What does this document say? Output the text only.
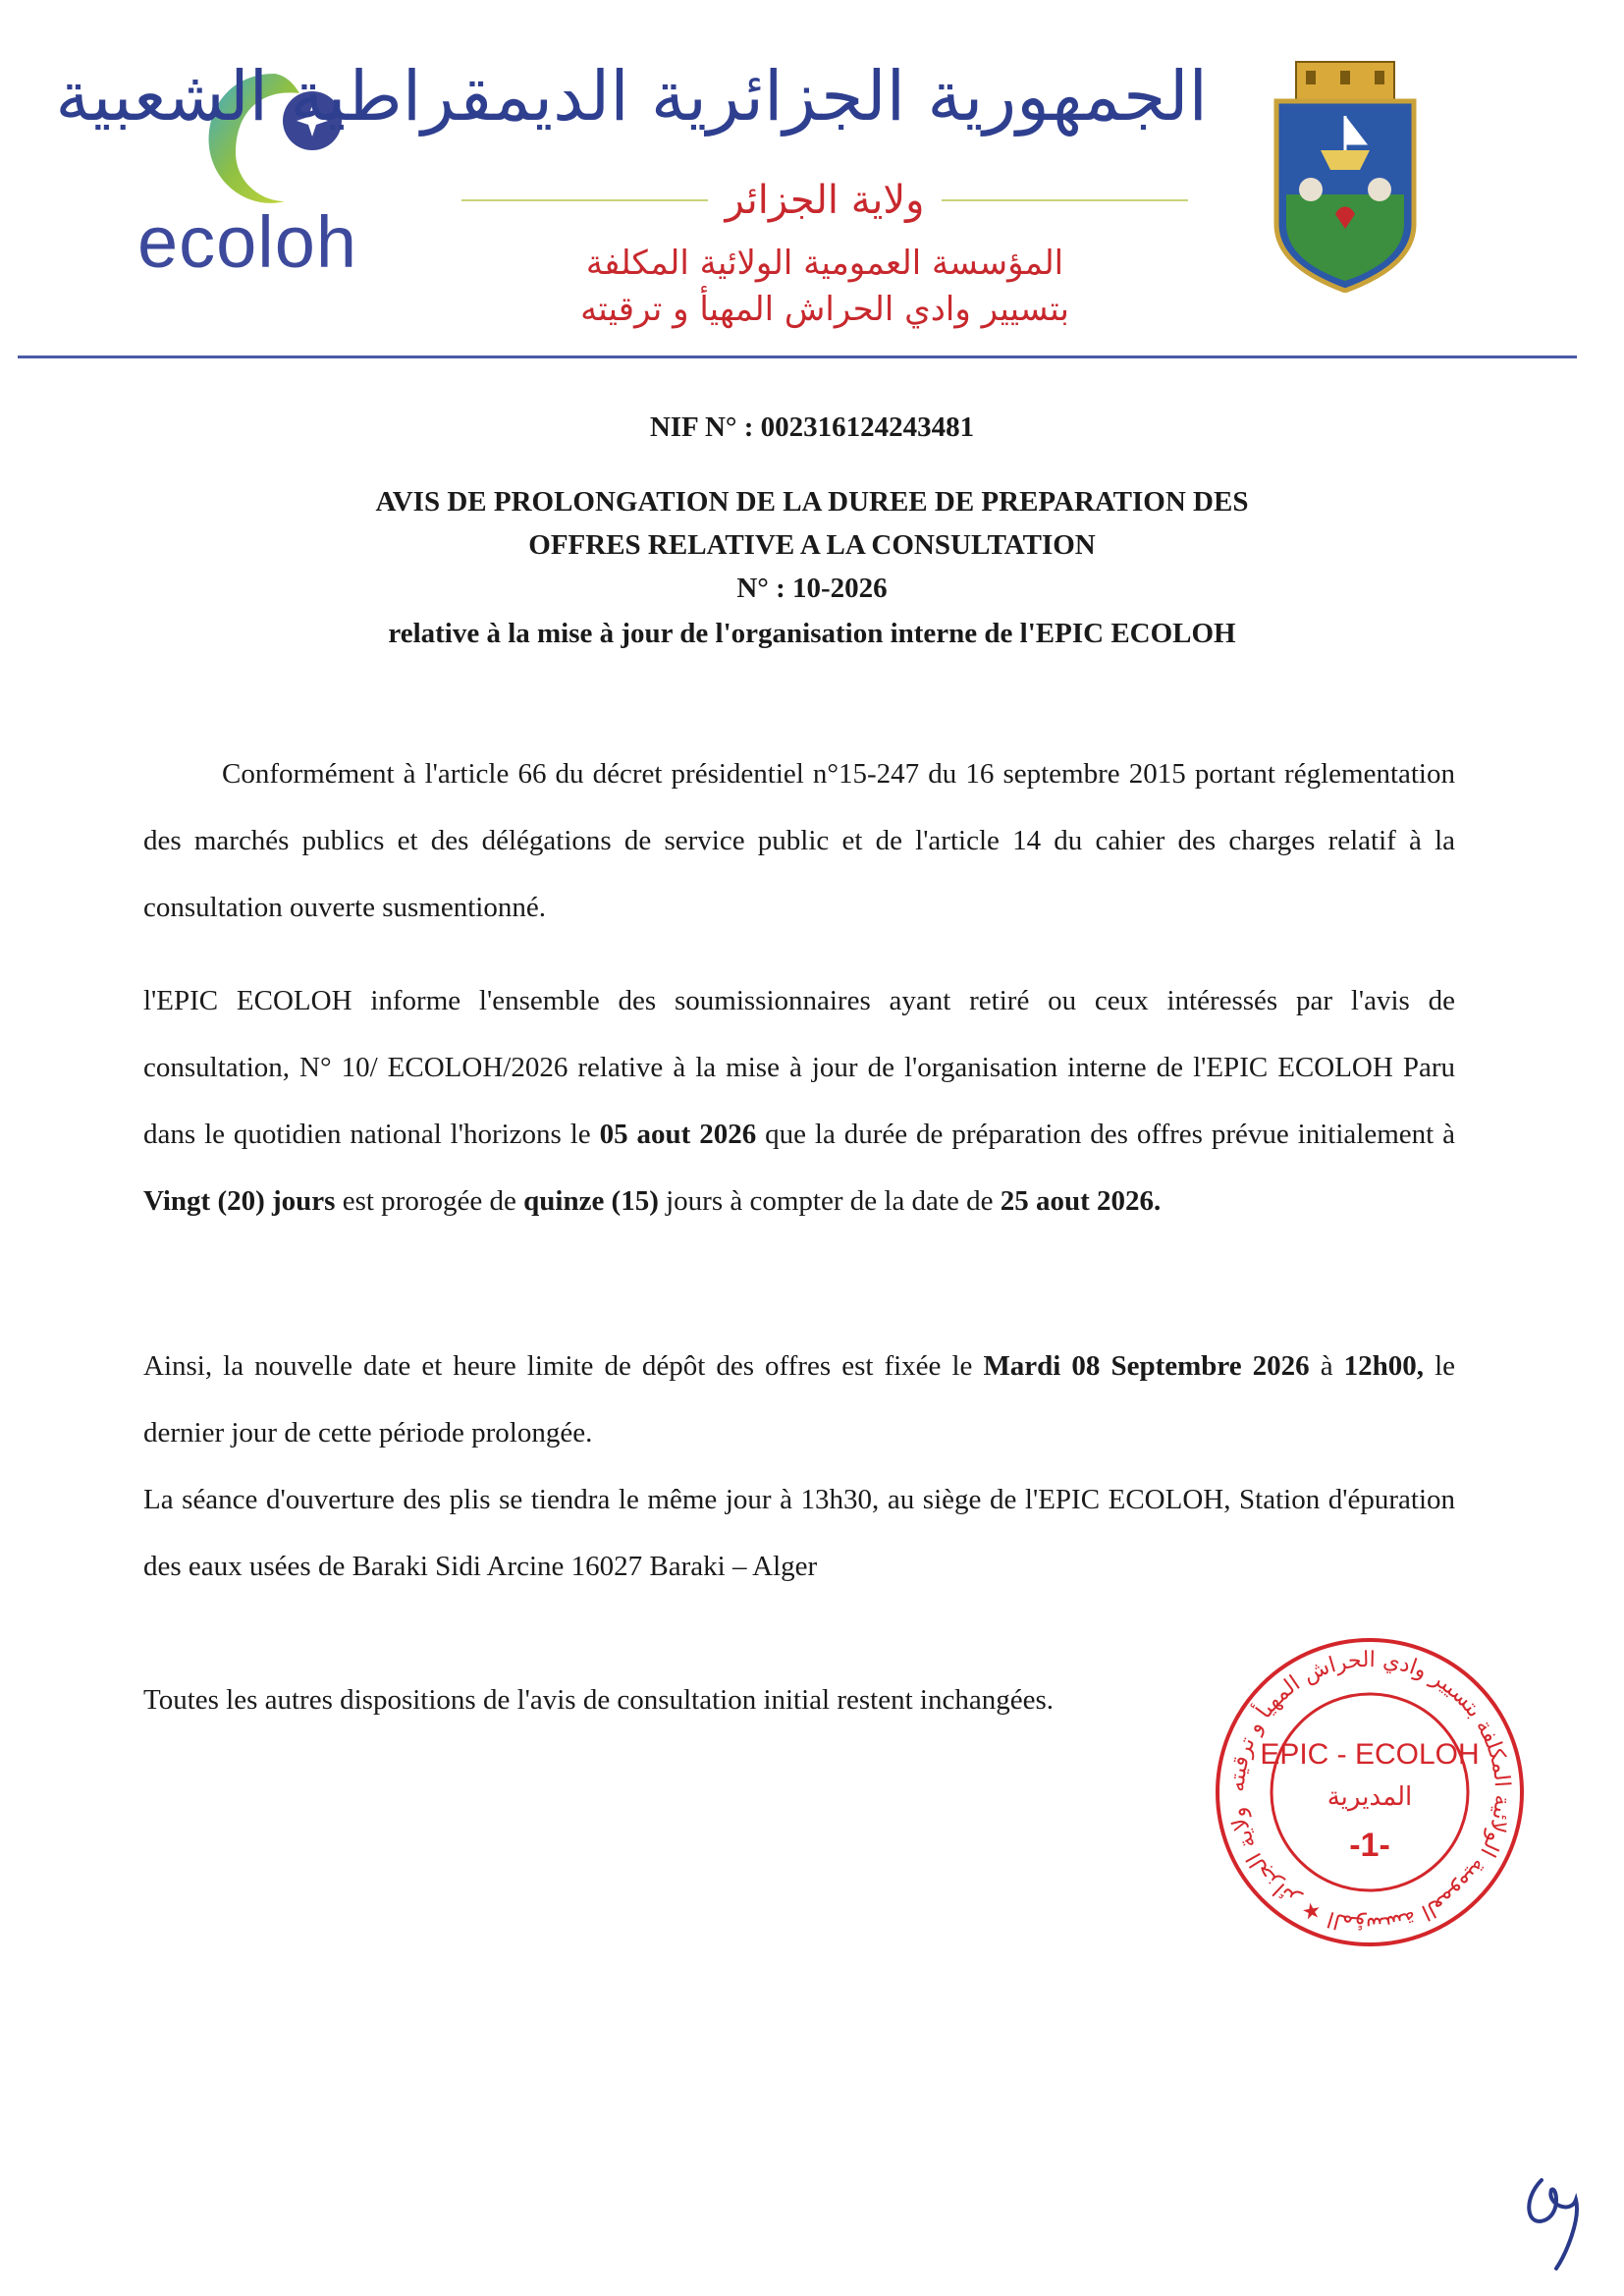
ecoloh
الجمهورية الجزائرية الديمقراطية الشعبية
ولاية الجزائر
المؤسسة العمومية الولائية المكلفة
بتسيير وادي الحراش المهيأ و ترقيته
NIF N° : 002316124243481
AVIS DE PROLONGATION DE LA DUREE DE PREPARATION DES
OFFRES RELATIVE A LA CONSULTATION
N° : 10-2026
relative à la mise à jour de l'organisation interne de l'EPIC ECOLOH
Conformément à l'article 66 du décret présidentiel n°15-247 du 16 septembre 2015 portant réglementation des marchés publics et des délégations de service public et de l'article 14 du cahier des charges relatif à la consultation ouverte susmentionné.
l'EPIC ECOLOH informe l'ensemble des soumissionnaires ayant retiré ou ceux intéressés par l'avis de consultation, N° 10/ ECOLOH/2026 relative à la mise à jour de l'organisation interne de l'EPIC ECOLOH Paru dans le quotidien national l'horizons le 05 aout 2026 que la durée de préparation des offres prévue initialement à Vingt (20) jours est prorogée de quinze (15) jours à compter de la date de 25 aout 2026.
Ainsi, la nouvelle date et heure limite de dépôt des offres est fixée le Mardi 08 Septembre 2026 à 12h00, le dernier jour de cette période prolongée.
La séance d'ouverture des plis se tiendra le même jour à 13h30, au siège de l'EPIC ECOLOH, Station d'épuration des eaux usées de Baraki Sidi Arcine 16027 Baraki – Alger
Toutes les autres dispositions de l'avis de consultation initial restent inchangées.
ولاية الجزائر ★ المؤسسة العمومية الولائية المكلفة بتسيير وادي الحراش المهيأ و ترقيته
EPIC - ECOLOH
المديرية
-1-
